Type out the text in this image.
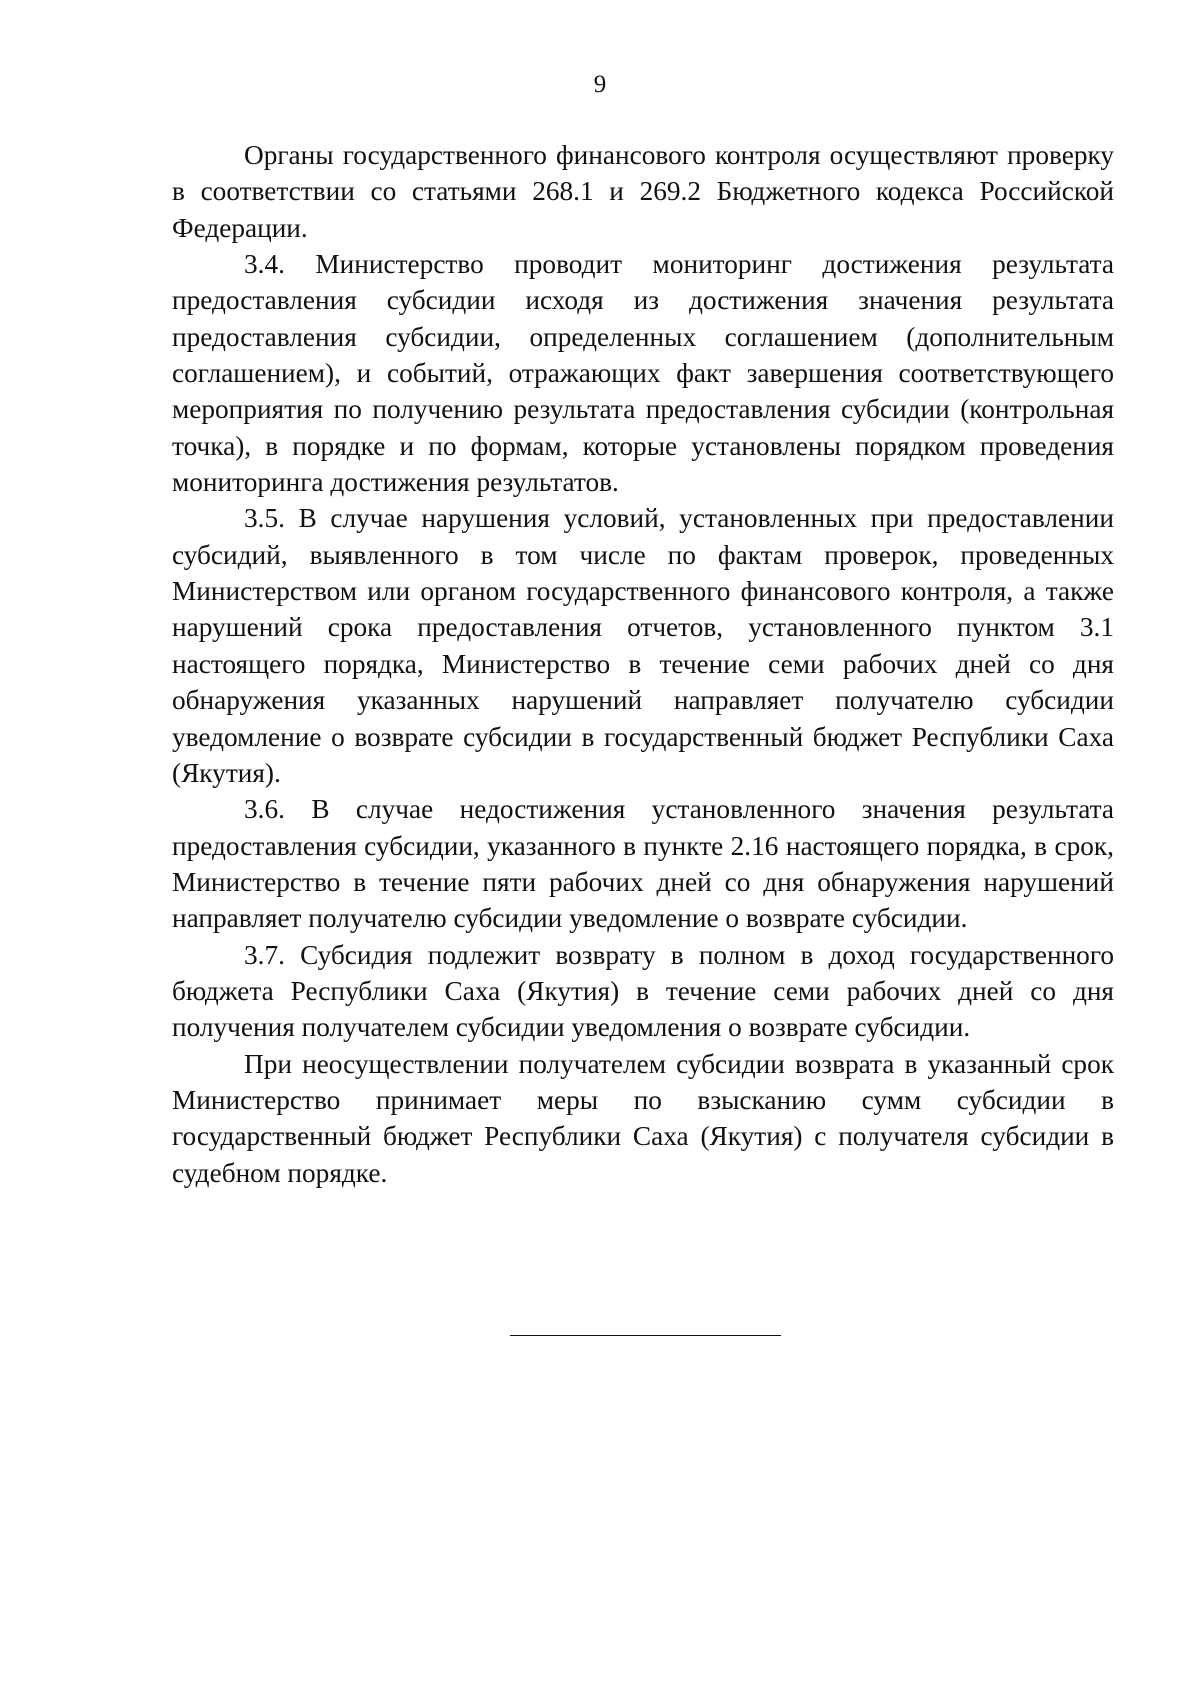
9

Органы государственного финансового контроля осуществляют проверку в соответствии со статьями 268.1 и 269.2 Бюджетного кодекса Российской Федерации.

3.4. Министерство проводит мониторинг достижения результата предоставления субсидии исходя из достижения значения результата предоставления субсидии, определенных соглашением (дополнительным соглашением), и событий, отражающих факт завершения соответствующего мероприятия по получению результата предоставления субсидии (контрольная точка), в порядке и по формам, которые установлены порядком проведения мониторинга достижения результатов.

3.5. В случае нарушения условий, установленных при предоставлении субсидий, выявленного в том числе по фактам проверок, проведенных Министерством или органом государственного финансового контроля, а также нарушений срока предоставления отчетов, установленного пунктом 3.1 настоящего порядка, Министерство в течение семи рабочих дней со дня обнаружения указанных нарушений направляет получателю субсидии уведомление о возврате субсидии в государственный бюджет Республики Саха (Якутия).

3.6. В случае недостижения установленного значения результата предоставления субсидии, указанного в пункте 2.16 настоящего порядка, в срок, Министерство в течение пяти рабочих дней со дня обнаружения нарушений направляет получателю субсидии уведомление о возврате субсидии.

3.7. Субсидия подлежит возврату в полном в доход государственного бюджета Республики Саха (Якутия) в течение семи рабочих дней со дня получения получателем субсидии уведомления о возврате субсидии.

При неосуществлении получателем субсидии возврата в указанный срок Министерство принимает меры по взысканию сумм субсидии в государственный бюджет Республики Саха (Якутия) с получателя субсидии в судебном порядке.
